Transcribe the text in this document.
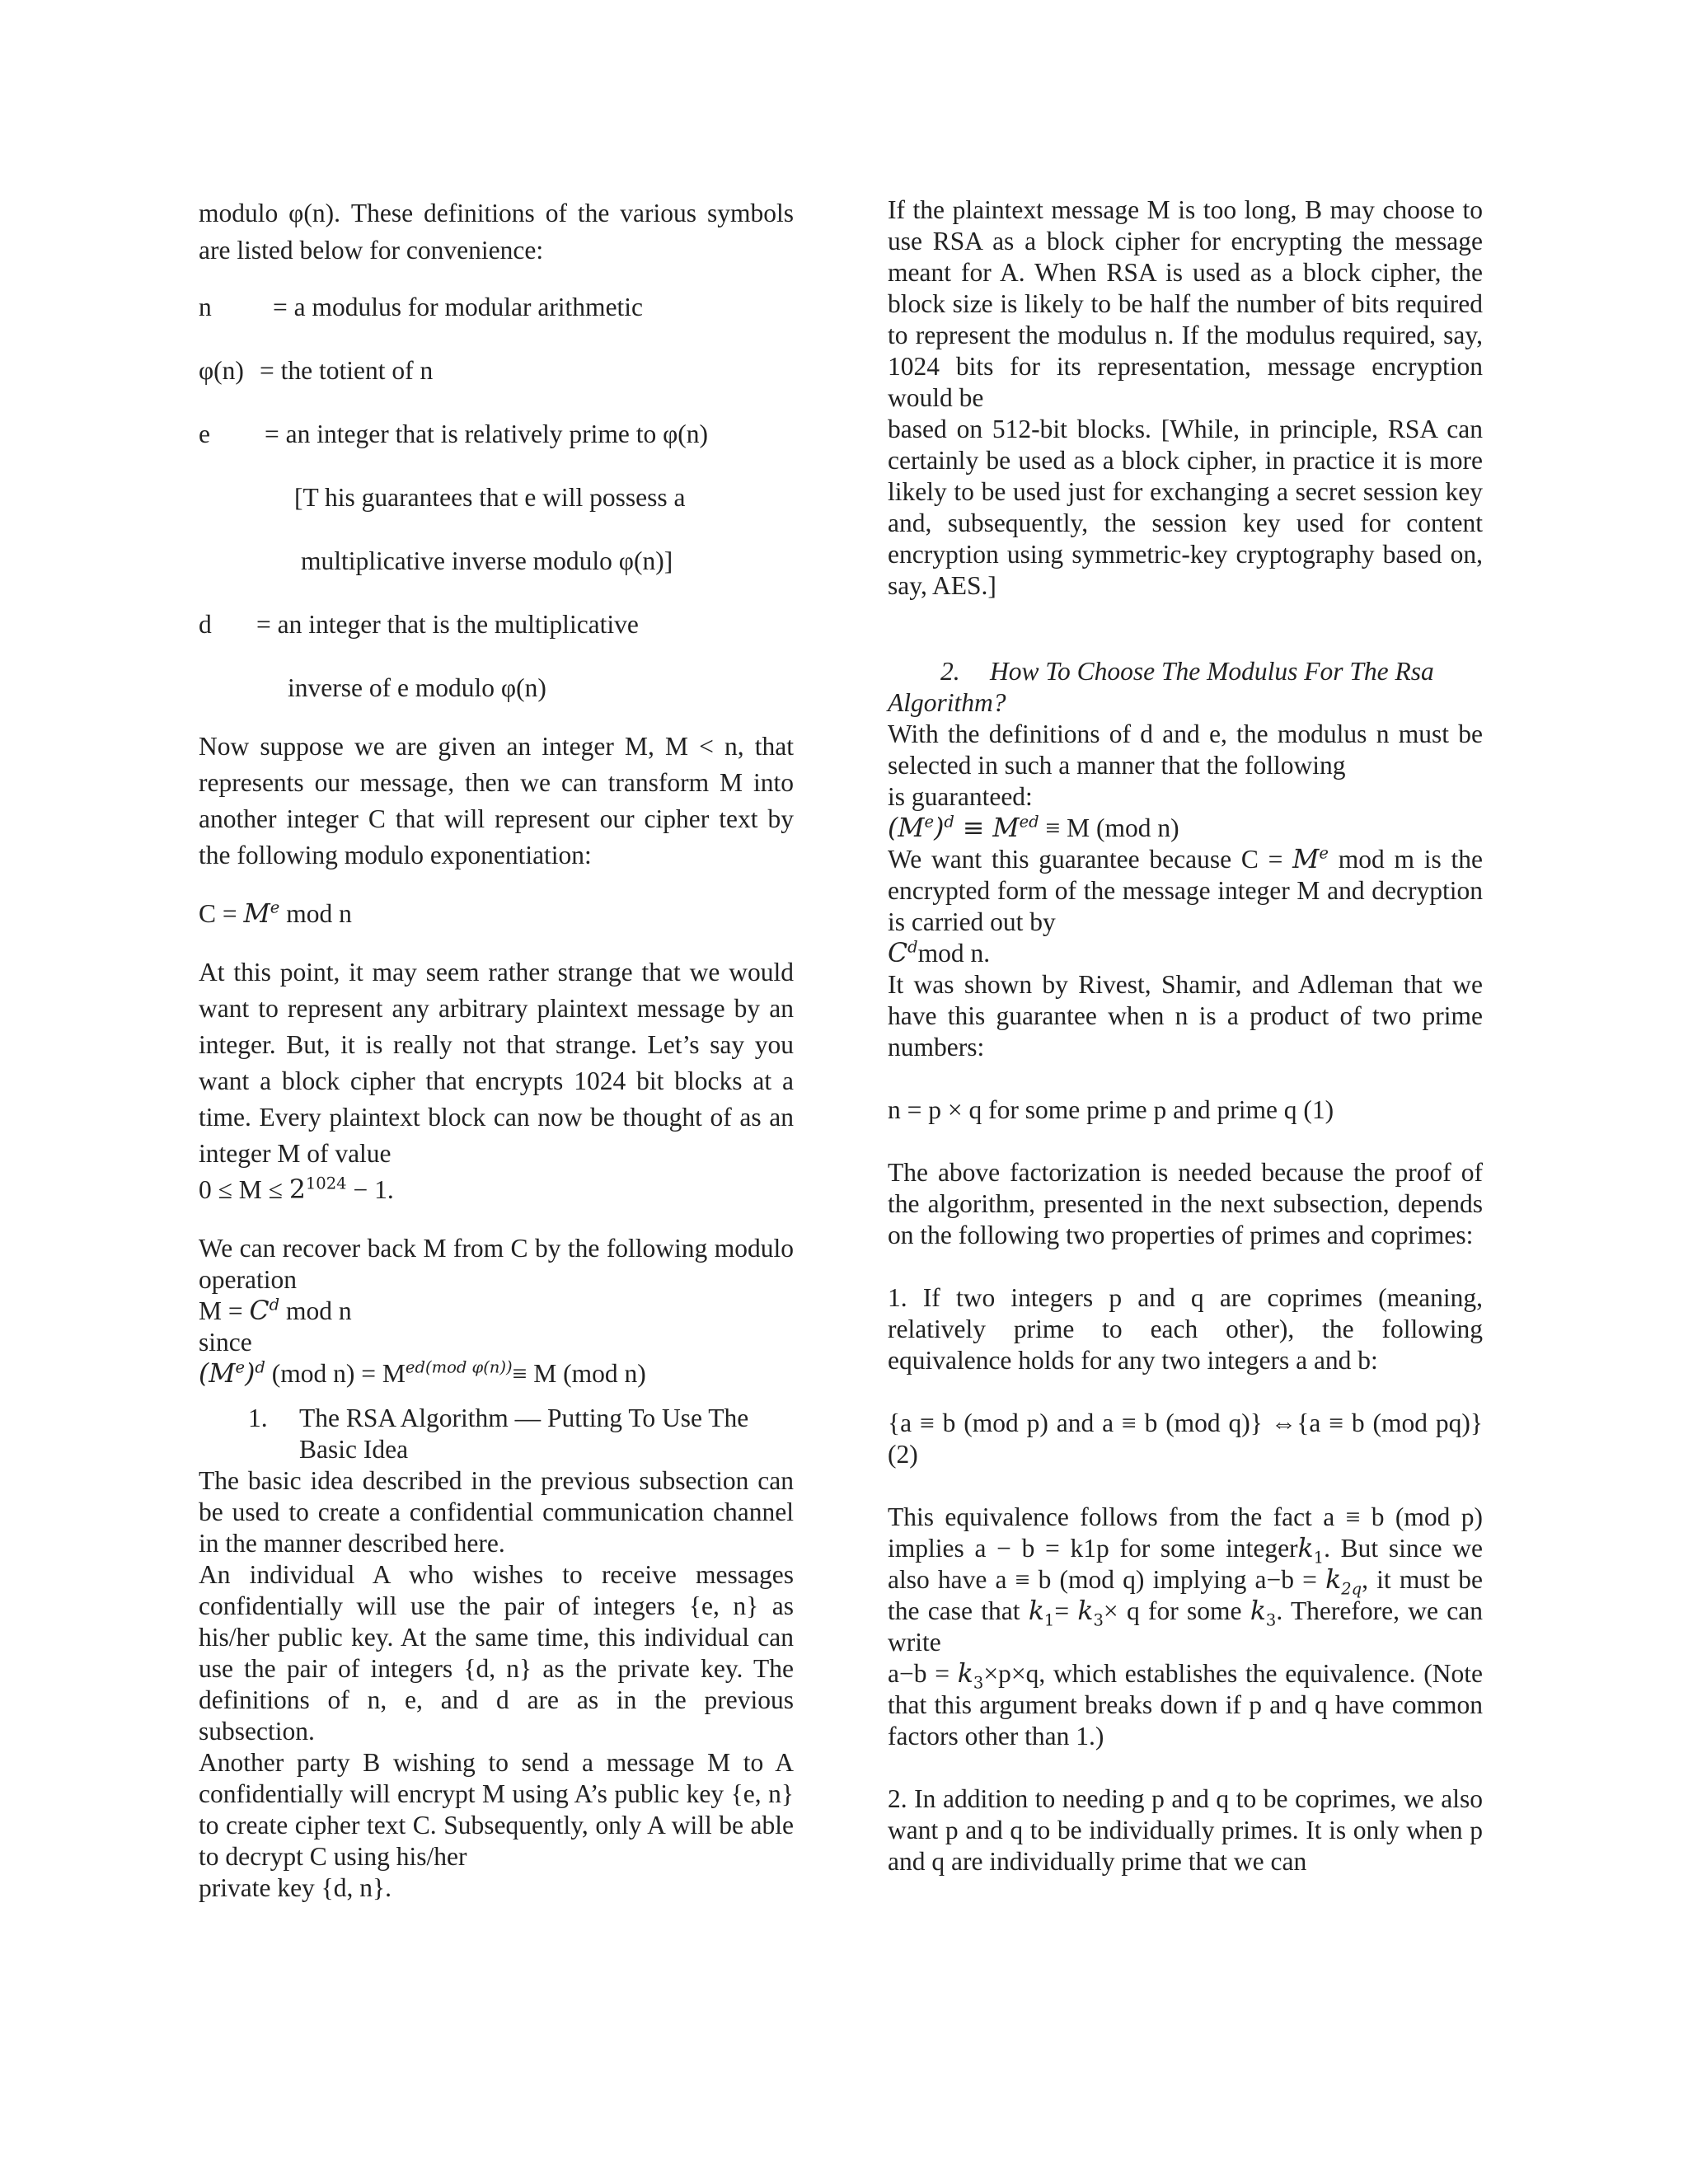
modulo φ(n). These definitions of the various symbols are listed below for convenience:

n	= a modulus for modular arithmetic
φ(n) = the totient of n
e	= an integer that is relatively prime to φ(n)

[T his guarantees that e will possess a

multiplicative inverse modulo φ(n)]

d	= an integer that is the multiplicative

inverse of e modulo φ(n)

Now suppose we are given an integer M, M < n, that represents our message, then we can transform M into another integer C that will represent our cipher text by the following modulo exponentiation:

$C = M^e$ mod n

At this point, it may seem rather strange that we would want to represent any arbitrary plaintext message by an integer. But, it is really not that strange. Let’s say you want a block cipher that encrypts 1024 bit blocks at a time. Every plaintext block can now be thought of as an integer M of value

$0 \le M \le 2^{1024} - 1$.

We can recover back M from C by the following modulo operation

$M = C^d$ mod n

since

$(Me)^d$ (mod $n) = M^{ed(mod \varphi(n))}\equiv M$ (mod n)

1.	The RSA Algorithm — Putting To Use The Basic Idea

The basic idea described in the previous subsection can be used to create a confidential communication channel in the manner described here.

An individual A who wishes to receive messages confidentially will use the pair of integers {e, n} as his/her public key. At the same time, this individual can use the pair of integers {d, n} as the private key. The definitions of n, e, and d are as in the previous subsection.

Another party B wishing to send a message M to A confidentially will encrypt M using A’s public key {e, n} to create cipher text C. Subsequently, only A will be able to decrypt C using his/her

private key {d, n}.

If the plaintext message M is too long, B may choose to use RSA as a block cipher for encrypting the message meant for A. When RSA is used as a block cipher, the block size is likely to be half the number of bits required to represent the modulus n. If the modulus required, say, 1024 bits for its representation, message encryption would be

based on 512-bit blocks. [While, in principle, RSA can certainly be used as a block cipher, in practice it is more likely to be used just for exchanging a secret session key and, subsequently, the session key used for content encryption using symmetric-key cryptography based on, say, AES.]

2. How To Choose The Modulus For The Rsa Algorithm?

With the definitions of d and e, the modulus n must be selected in such a manner that the following

is guaranteed:

$(M^e)^d \equiv M^{ed} \equiv M$ (mod n)

We want this guarantee because $C = M^e$ mod m is the encrypted form of the message integer M and decryption is carried out by

$C^dmod$ n.

It was shown by Rivest, Shamir, and Adleman that we have this guarantee when n is a product of two prime numbers:

n = p × q for some prime p and prime q (1)

The above factorization is needed because the proof of the algorithm, presented in the next subsection, depends on the following two properties of primes and coprimes:

1. If two integers p and q are coprimes (meaning, relatively prime to each other), the following equivalence holds for any two integers a and b:

{a ≡ b (mod p) and a ≡ b (mod q)} ⇔{a ≡ b (mod pq)} (2)

This equivalence follows from the fact a ≡ b (mod p) implies a − b = k1p for some integerk$_1$. But since we also have a ≡ b (mod q) implying $a-b = k_{2q}$, it must be the case that $k_1= k_3\times q$ for some $k_3$. Therefore, we can write

$a-b = k_3\times p\times q$, which establishes the equivalence. (Note that this argument breaks down if p and q have common factors other than 1.)

2. In addition to needing p and q to be coprimes, we also want p and q to be individually primes. It is only when p and q are individually prime that we can
